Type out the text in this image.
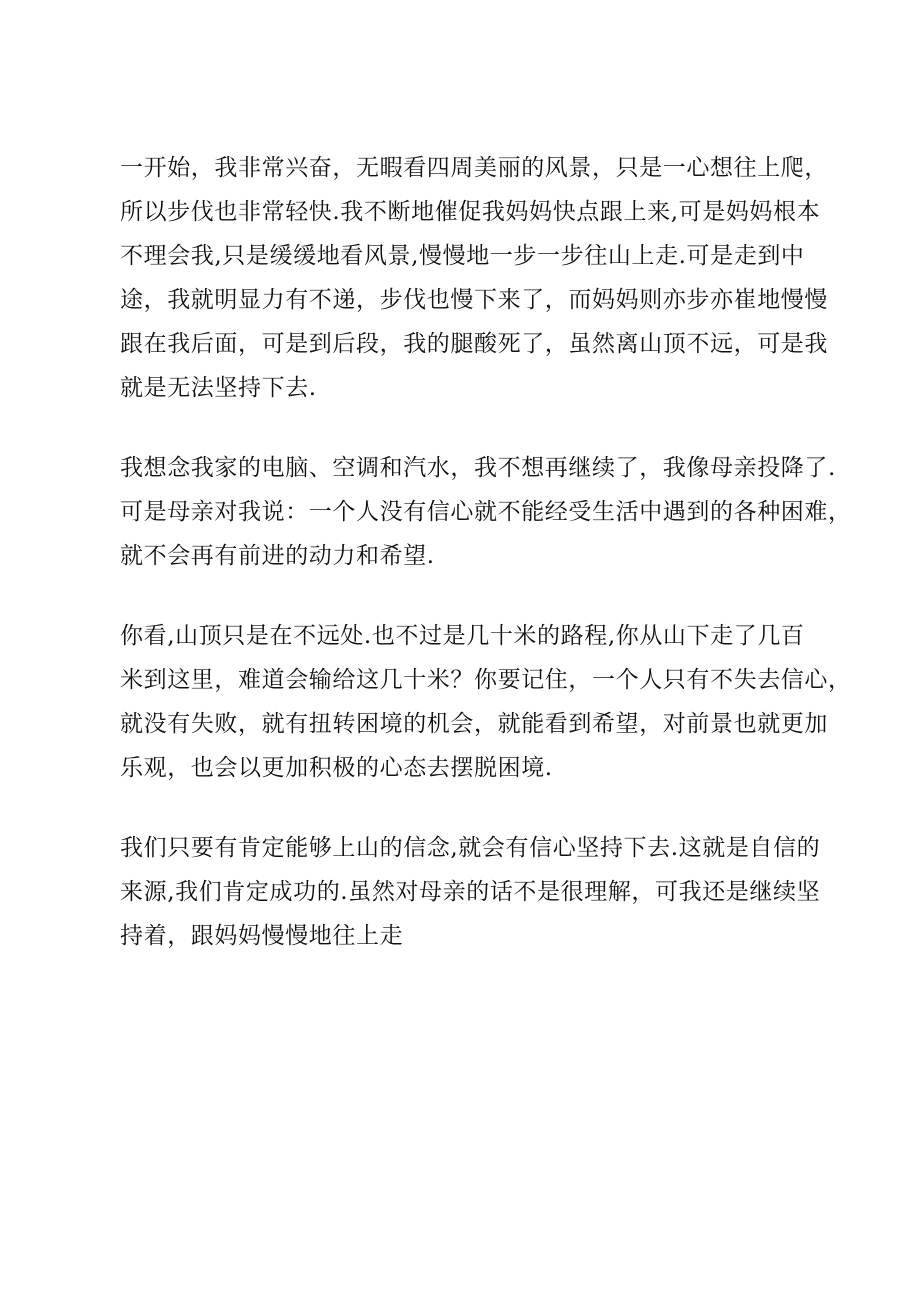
一开始，我非常兴奋，无暇看四周美丽的风景，只是一心想往上爬，
所以步伐也非常轻快.我不断地催促我妈妈快点跟上来,可是妈妈根本
不理会我,只是缓缓地看风景,慢慢地一步一步往山上走.可是走到中
途，我就明显力有不递，步伐也慢下来了，而妈妈则亦步亦崔地慢慢
跟在我后面，可是到后段，我的腿酸死了，虽然离山顶不远，可是我
就是无法坚持下去.

我想念我家的电脑、空调和汽水，我不想再继续了，我像母亲投降了.
可是母亲对我说：一个人没有信心就不能经受生活中遇到的各种困难，
就不会再有前进的动力和希望.

你看,山顶只是在不远处.也不过是几十米的路程,你从山下走了几百
米到这里，难道会输给这几十米？你要记住，一个人只有不失去信心，
就没有失败，就有扭转困境的机会，就能看到希望，对前景也就更加
乐观，也会以更加积极的心态去摆脱困境.

我们只要有肯定能够上山的信念,就会有信心坚持下去.这就是自信的
来源,我们肯定成功的.虽然对母亲的话不是很理解，可我还是继续坚
持着，跟妈妈慢慢地往上走
